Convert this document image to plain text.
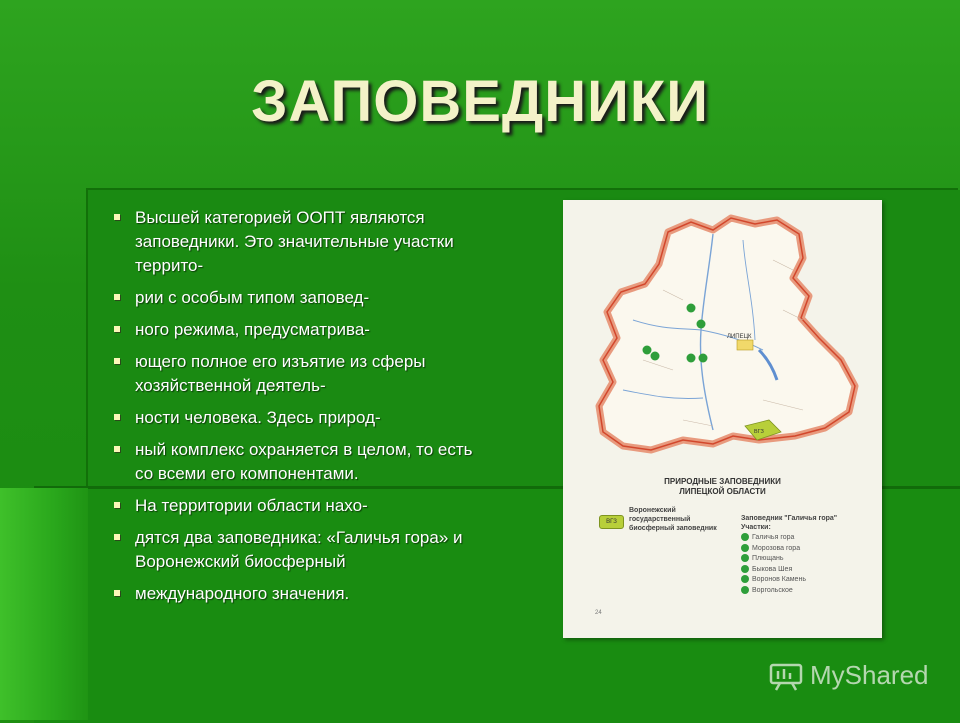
ЗАПОВЕДНИКИ
Высшей категорией ООПТ являются заповедники. Это значительные участки террито-
рии с особым типом заповед-
ного режима, предусматрива-
ющего полное его изъятие из сферы хозяйственной деятель-
ности человека. Здесь природ-
ный комплекс охраняется в целом, то есть со всеми его компонентами.
На территории области нахо-
дятся два заповедника: «Галичья гора» и Воронежский биосферный
международного значения.
ЛИПЕЦК
ВГЗ
ПРИРОДНЫЕ ЗАПОВЕДНИКИ
ЛИПЕЦКОЙ ОБЛАСТИ
ВГЗ
Воронежский государственный биосферный заповедник
Заповедник "Галичья гора"
Участки:
Галичья гора
Морозова гора
Плющань
Быкова Шея
Воронов Камень
Воргольское
24
MyShared
